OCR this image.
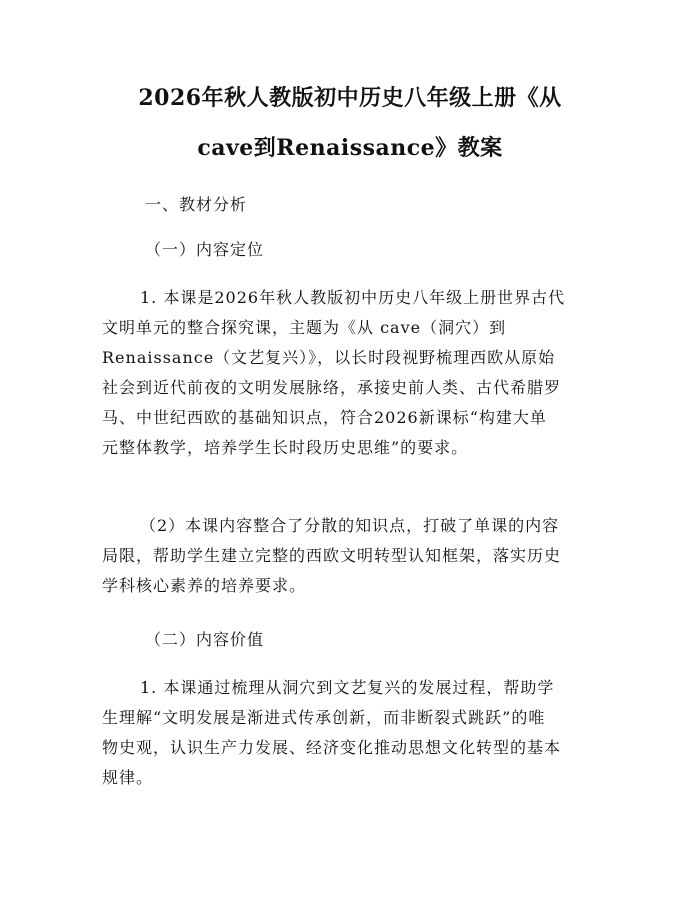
2026年秋人教版初中历史八年级上册《从
cave到Renaissance》教案

一、教材分析

（一）内容定位

1. 本课是2026年秋人教版初中历史八年级上册世界古代
文明单元的整合探究课，主题为《从 cave（洞穴）到
Renaissance（文艺复兴）》，以长时段视野梳理西欧从原始
社会到近代前夜的文明发展脉络，承接史前人类、古代希腊罗
马、中世纪西欧的基础知识点，符合2026新课标“构建大单
元整体教学，培养学生长时段历史思维”的要求。
（2）本课内容整合了分散的知识点，打破了单课的内容
局限，帮助学生建立完整的西欧文明转型认知框架，落实历史
学科核心素养的培养要求。

（二）内容价值

1. 本课通过梳理从洞穴到文艺复兴的发展过程，帮助学
生理解“文明发展是渐进式传承创新，而非断裂式跳跃”的唯
物史观，认识生产力发展、经济变化推动思想文化转型的基本
规律。
